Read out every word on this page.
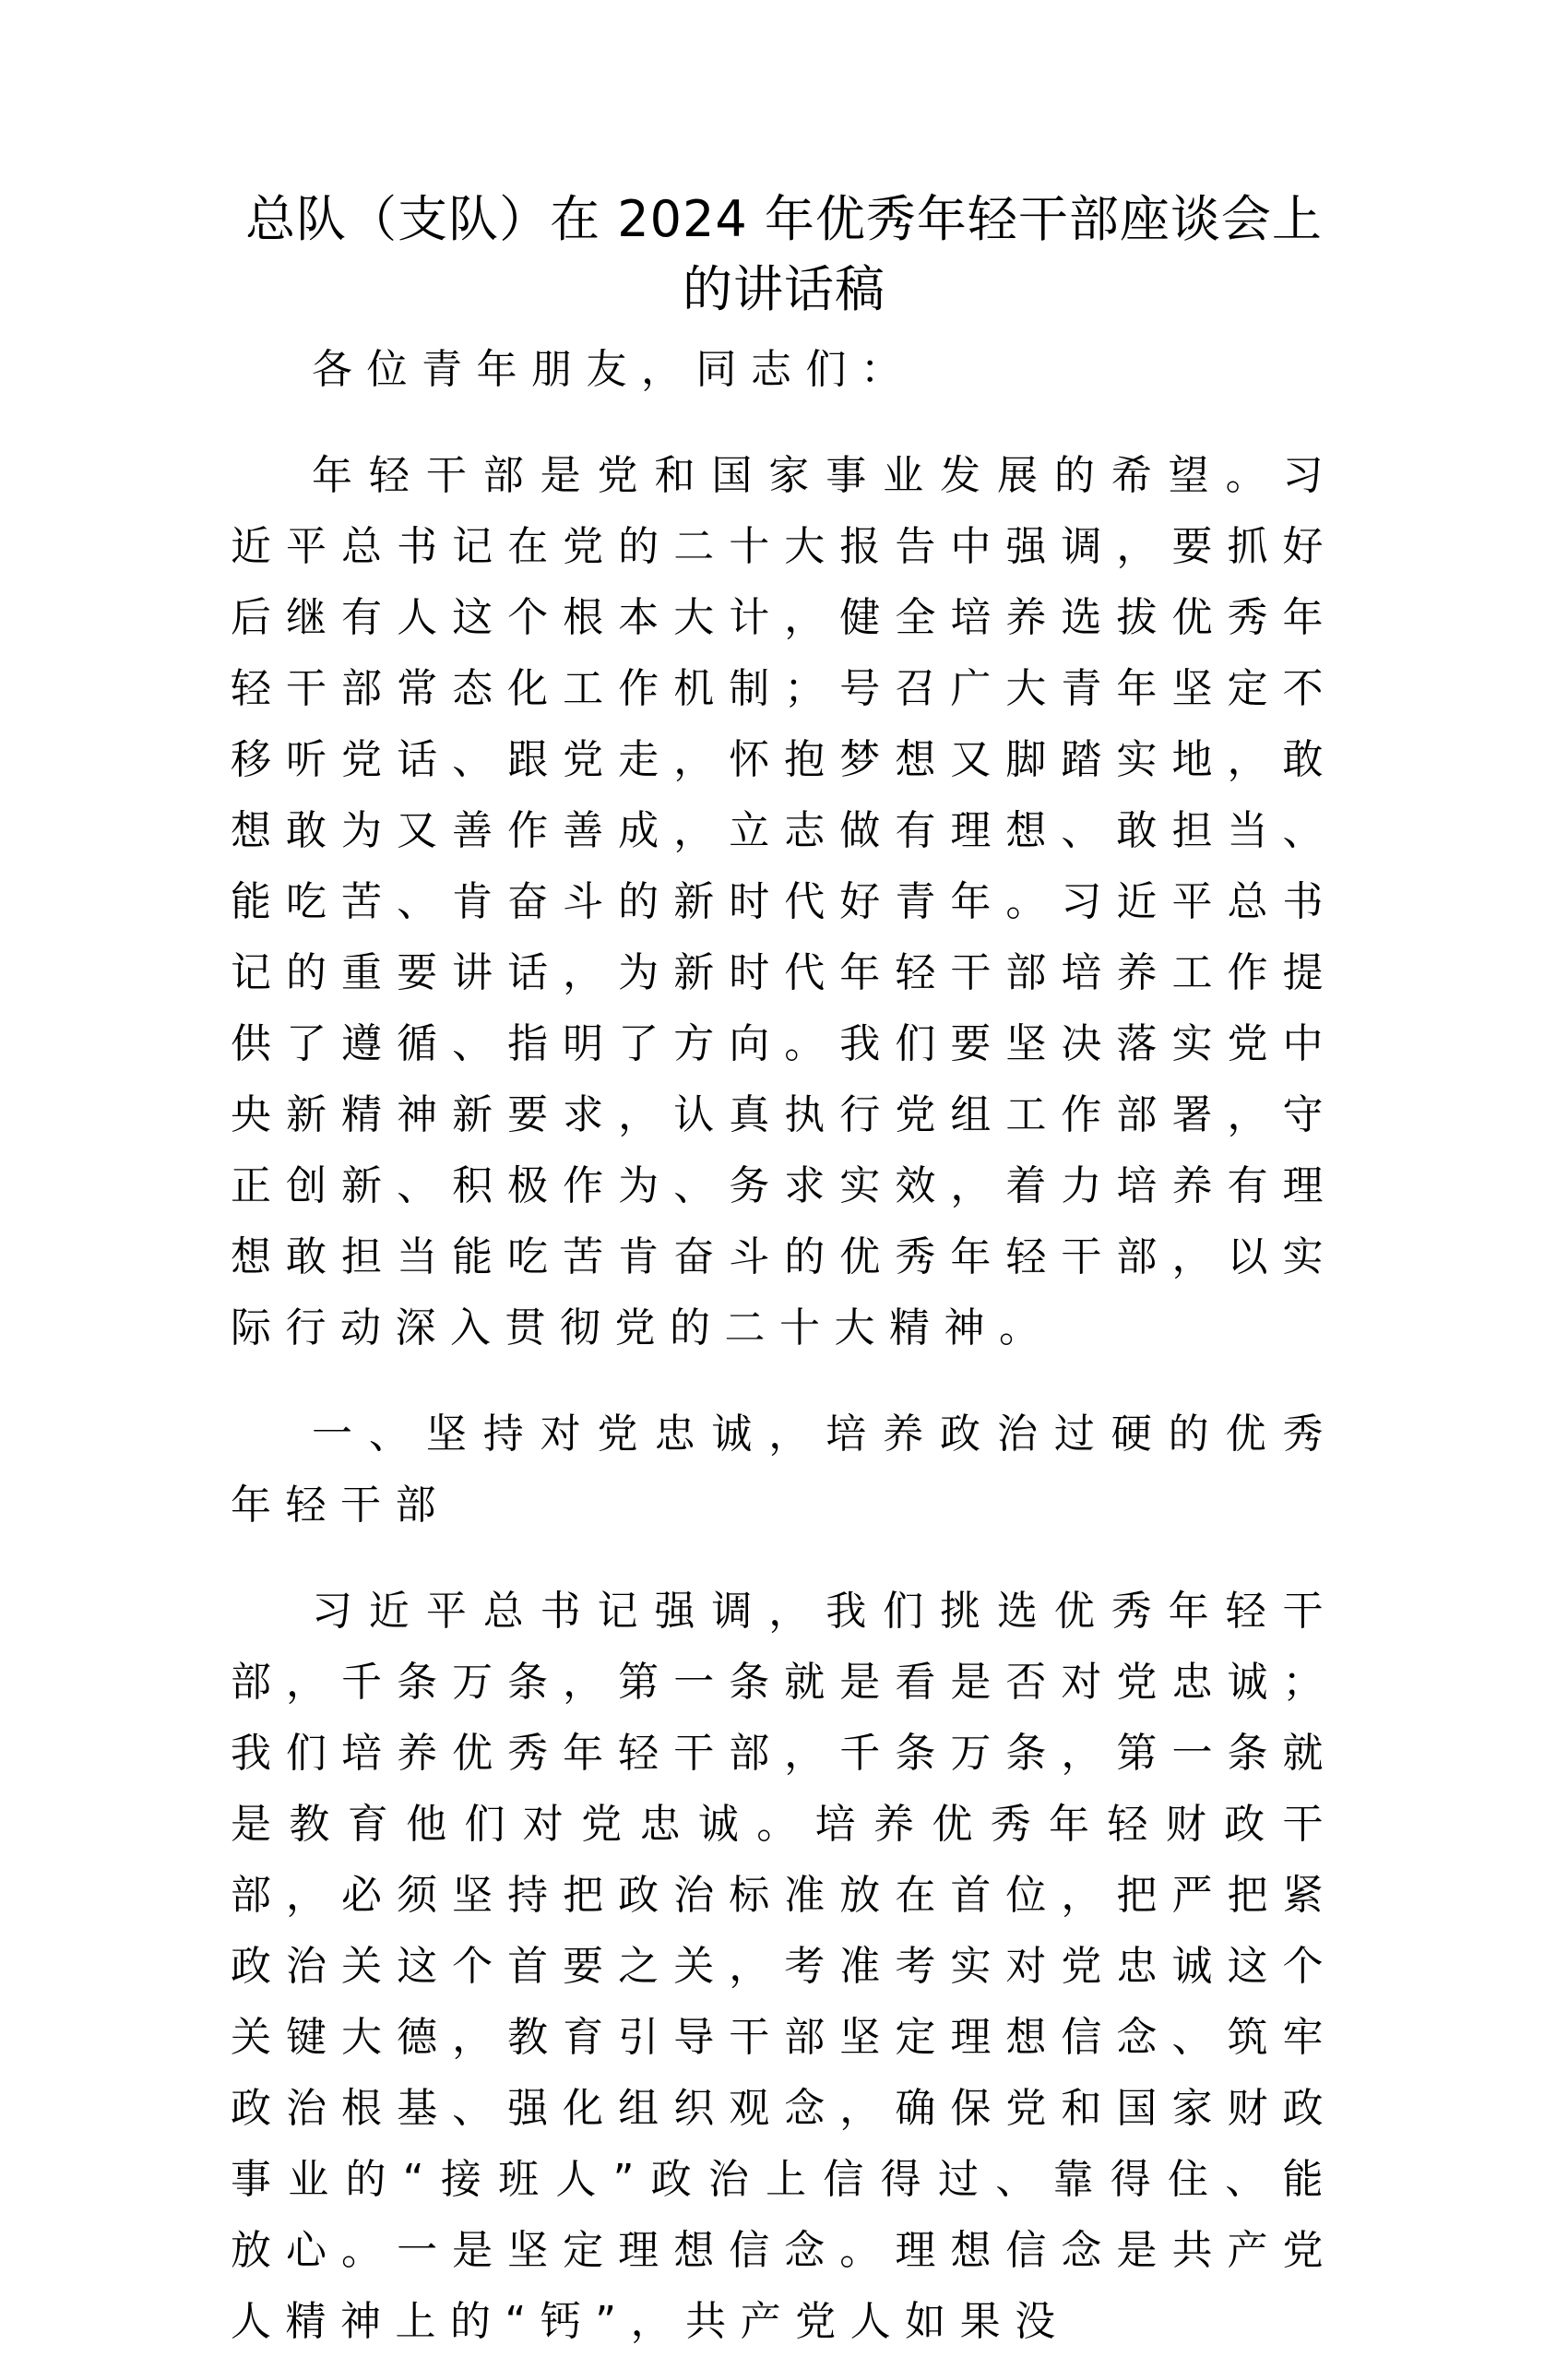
总队（支队）在 2024 年优秀年轻干部座谈会上
的讲话稿

各位青年朋友，同志们：

年轻干部是党和国家事业发展的希望。习近平总书记在党的二十大报告中强调，要抓好后继有人这个根本大计，健全培养选拔优秀年轻干部常态化工作机制；号召广大青年坚定不移听党话、跟党走，怀抱梦想又脚踏实地，敢想敢为又善作善成，立志做有理想、敢担当、能吃苦、肯奋斗的新时代好青年。习近平总书记的重要讲话，为新时代年轻干部培养工作提供了遵循、指明了方向。我们要坚决落实党中央新精神新要求，认真执行党组工作部署，守正创新、积极作为、务求实效，着力培养有理想敢担当能吃苦肯奋斗的优秀年轻干部，以实际行动深入贯彻党的二十大精神。

一、坚持对党忠诚，培养政治过硬的优秀年轻干部

习近平总书记强调，我们挑选优秀年轻干部，千条万条，第一条就是看是否对党忠诚；我们培养优秀年轻干部，千条万条，第一条就是教育他们对党忠诚。培养优秀年轻财政干部，必须坚持把政治标准放在首位，把严把紧政治关这个首要之关，考准考实对党忠诚这个关键大德，教育引导干部坚定理想信念、筑牢政治根基、强化组织观念，确保党和国家财政事业的“接班人”政治上信得过、靠得住、能放心。一是坚定理想信念。理想信念是共产党人精神上的“钙”，共产党人如果没
